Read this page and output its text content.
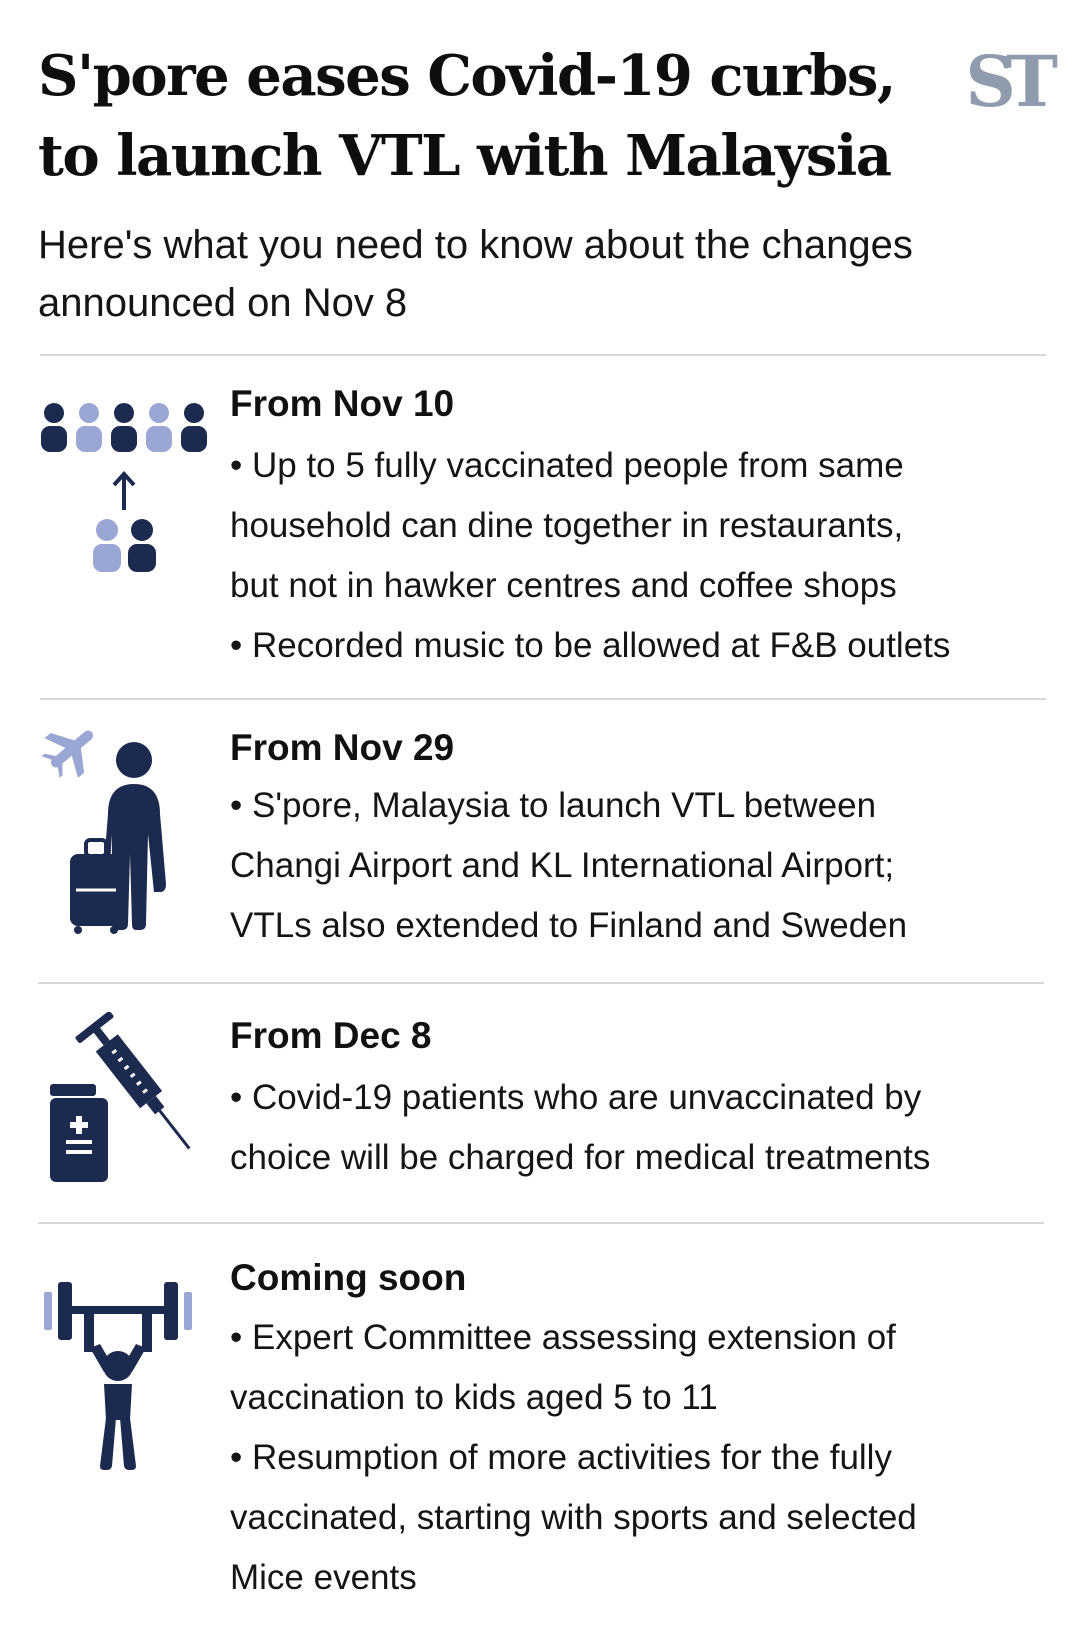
S'pore eases Covid-19 curbs, to launch VTL with Malaysia
ST
Here's what you need to know about the changes announced on Nov 8
From Nov 10
• Up to 5 fully vaccinated people from same
household can dine together in restaurants,
but not in hawker centres and coffee shops
• Recorded music to be allowed at F&B outlets
From Nov 29
• S'pore, Malaysia to launch VTL between
Changi Airport and KL International Airport;
VTLs also extended to Finland and Sweden
From Dec 8
• Covid-19 patients who are unvaccinated by
choice will be charged for medical treatments
Coming soon
• Expert Committee assessing extension of
vaccination to kids aged 5 to 11
• Resumption of more activities for the fully
vaccinated, starting with sports and selected
Mice events
